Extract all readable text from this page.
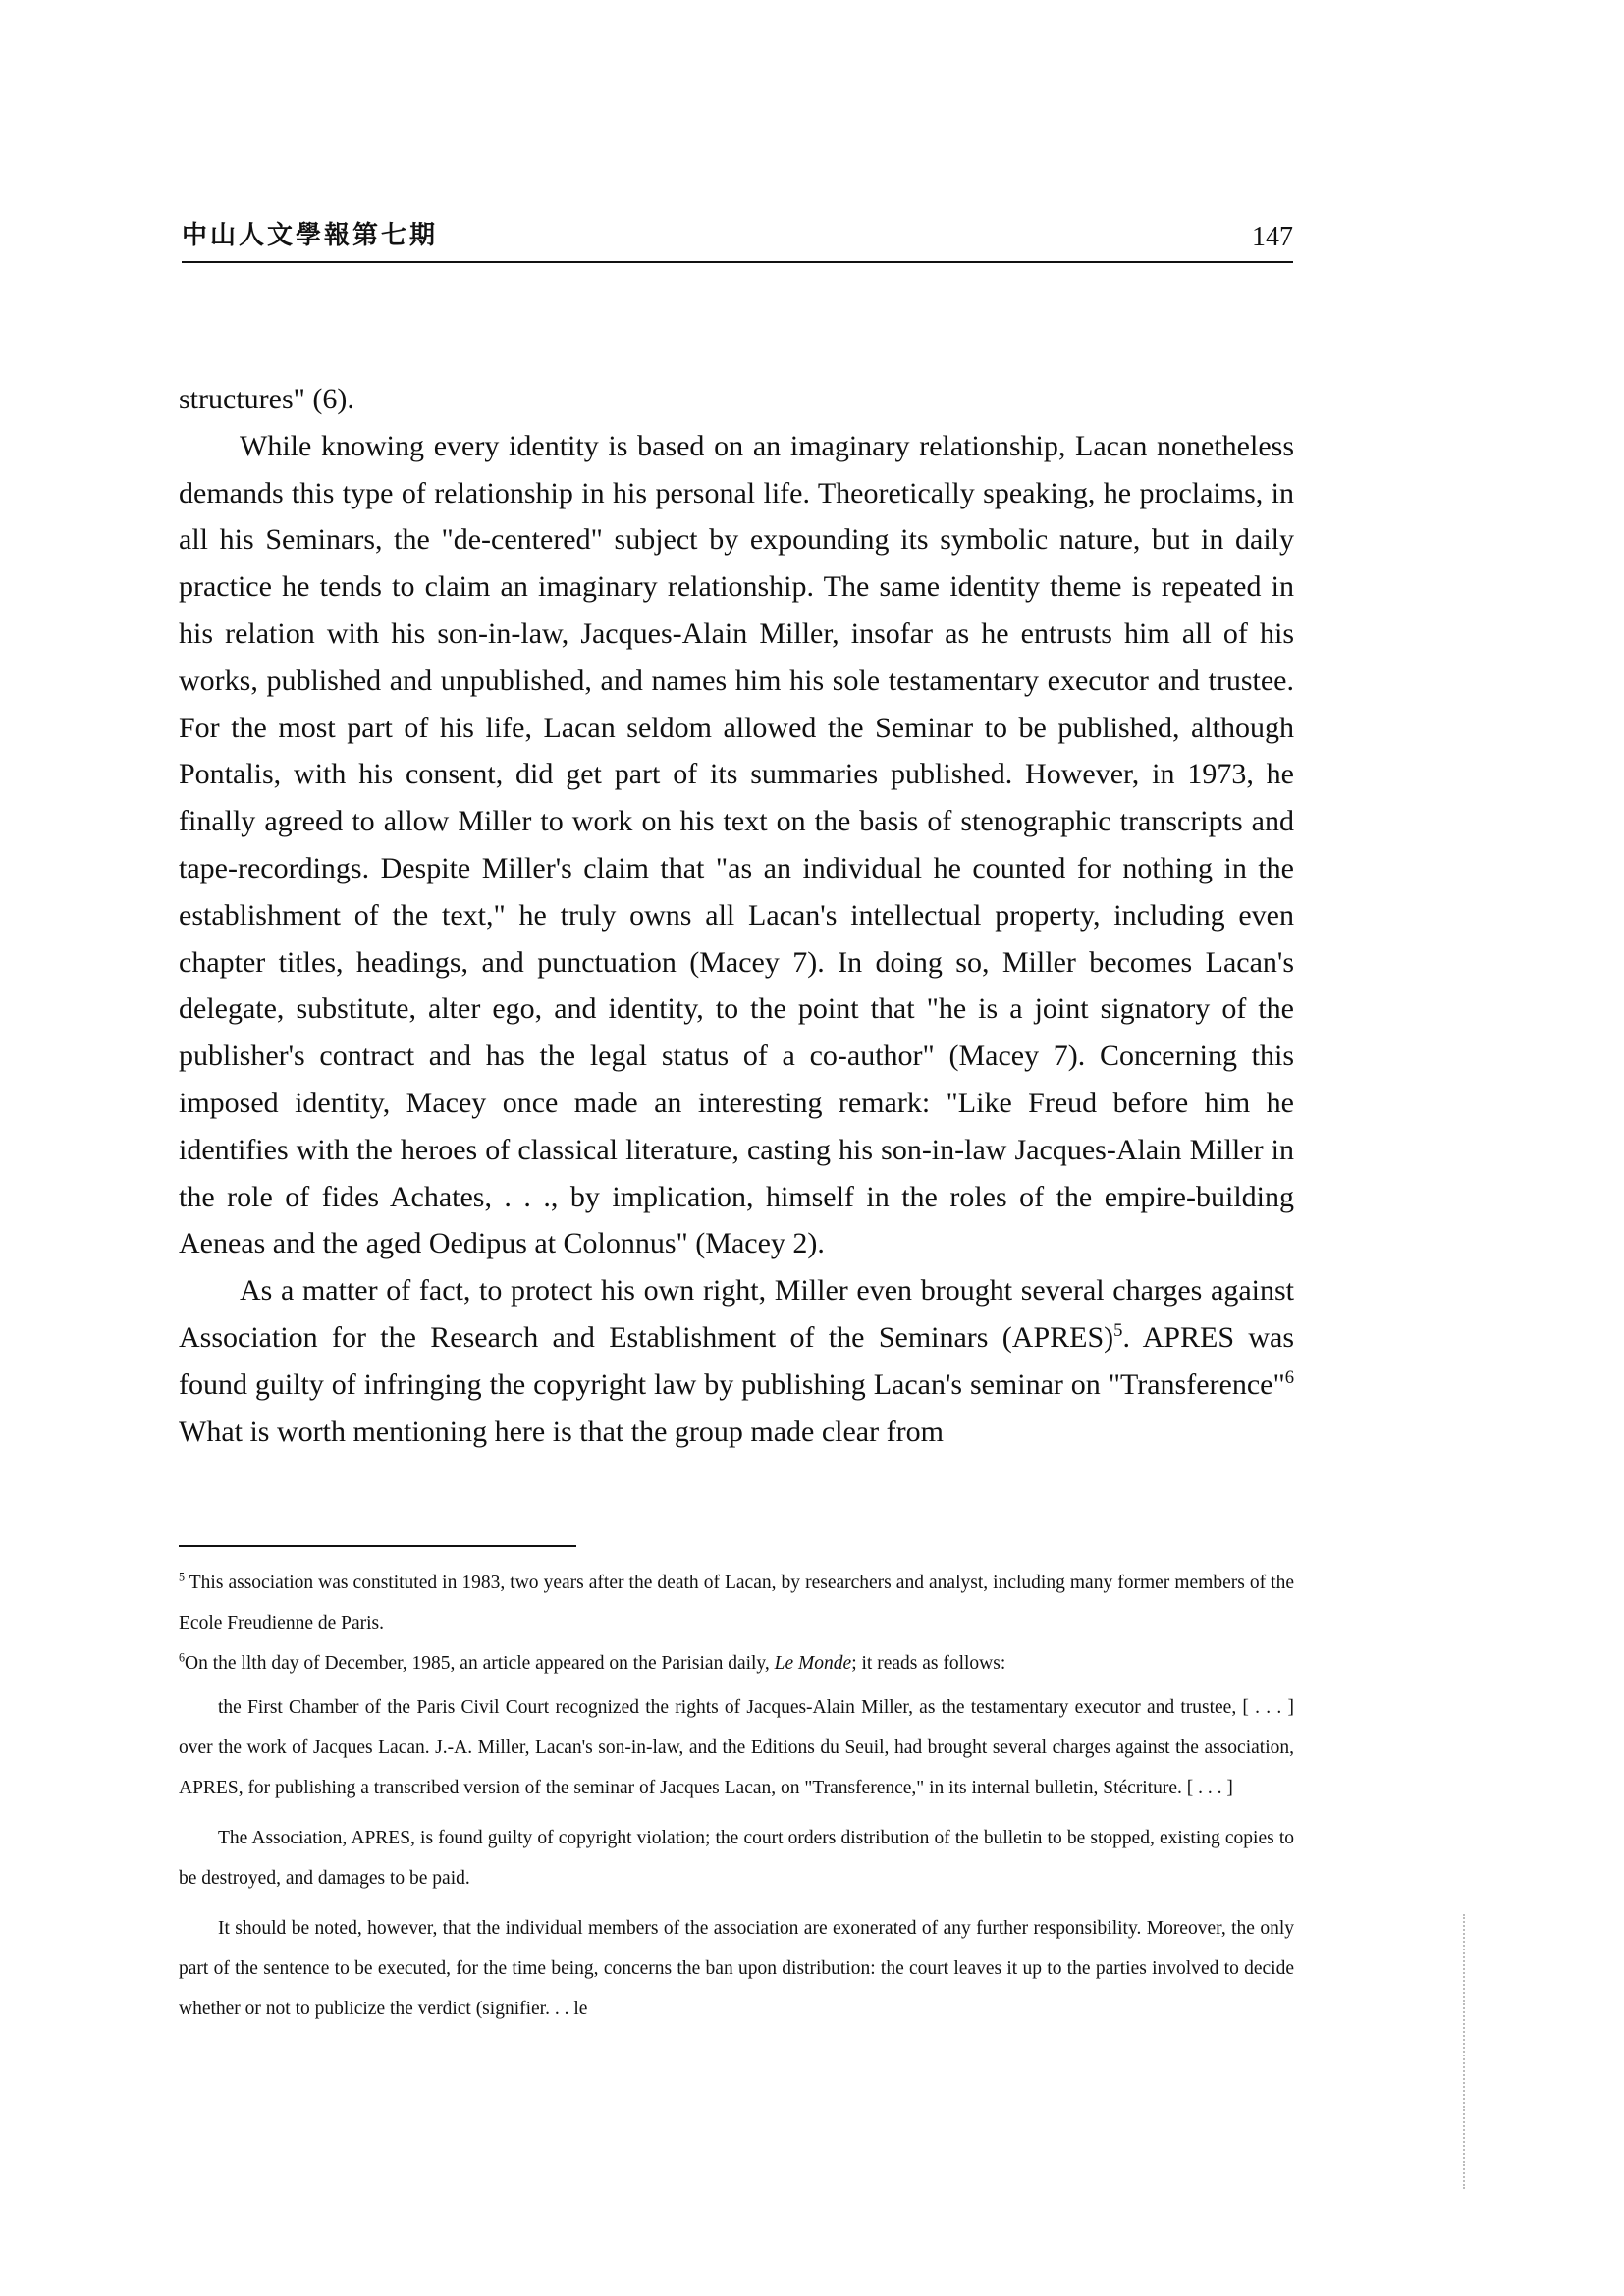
中山人文學報第七期	147

structures" (6).

While knowing every identity is based on an imaginary relationship, Lacan nonetheless demands this type of relationship in his personal life. Theoretically speaking, he proclaims, in all his Seminars, the "de-centered" subject by expounding its symbolic nature, but in daily practice he tends to claim an imaginary relationship. The same identity theme is repeated in his relation with his son-in-law, Jacques-Alain Miller, insofar as he entrusts him all of his works, published and unpublished, and names him his sole testamentary executor and trustee. For the most part of his life, Lacan seldom allowed the Seminar to be published, although Pontalis, with his consent, did get part of its summaries published. However, in 1973, he finally agreed to allow Miller to work on his text on the basis of stenographic transcripts and tape-recordings. Despite Miller's claim that "as an individual he counted for nothing in the establishment of the text," he truly owns all Lacan's intellectual property, including even chapter titles, headings, and punctuation (Macey 7). In doing so, Miller becomes Lacan's delegate, substitute, alter ego, and identity, to the point that "he is a joint signatory of the publisher's contract and has the legal status of a co-author" (Macey 7). Concerning this imposed identity, Macey once made an interesting remark: "Like Freud before him he identifies with the heroes of classical literature, casting his son-in-law Jacques-Alain Miller in the role of fides Achates, . . ., by implication, himself in the roles of the empire-building Aeneas and the aged Oedipus at Colonnus" (Macey 2).

As a matter of fact, to protect his own right, Miller even brought several charges against Association for the Research and Establishment of the Seminars (APRES)$^5$. APRES was found guilty of infringing the copyright law by publishing Lacan's seminar on "Transference"$^6$ What is worth mentioning here is that the group made clear from

$^5$ This association was constituted in 1983, two years after the death of Lacan, by researchers and analyst, including many former members of the Ecole Freudienne de Paris.

$^6$On the llth day of December, 1985, an article appeared on the Parisian daily, Le Monde; it reads as follows:

the First Chamber of the Paris Civil Court recognized the rights of Jacques-Alain Miller, as the testamentary executor and trustee, [ . . . ] over the work of Jacques Lacan. J.-A. Miller, Lacan's son-in-law, and the Editions du Seuil, had brought several charges against the association, APRES, for publishing a transcribed version of the seminar of Jacques Lacan, on "Transference," in its internal bulletin, Stécriture. [ . . . ]

The Association, APRES, is found guilty of copyright violation; the court orders distribution of the bulletin to be stopped, existing copies to be destroyed, and damages to be paid.

It should be noted, however, that the individual members of the association are exonerated of any further responsibility. Moreover, the only part of the sentence to be executed, for the time being, concerns the ban upon distribution: the court leaves it up to the parties involved to decide whether or not to publicize the verdict (signifier. . . le
